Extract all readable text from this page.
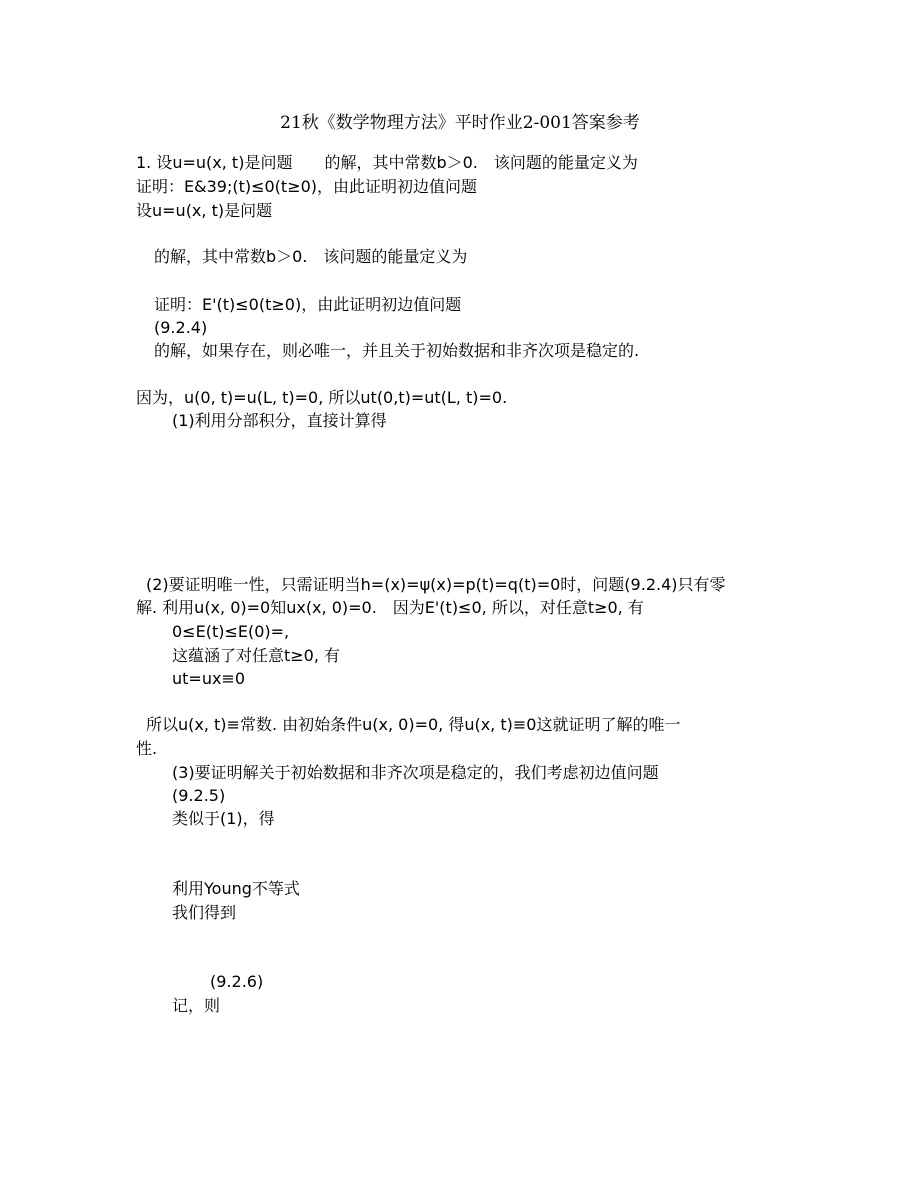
21秋《数学物理方法》平时作业2-001答案参考
1. 设u=u(x, t)是问题　　的解，其中常数b＞0.　该问题的能量定义为
证明：E&39;(t)≤0(t≥0)，由此证明初边值问题
设u=u(x, t)是问题
的解，其中常数b＞0.　该问题的能量定义为
证明：E'(t)≤0(t≥0)，由此证明初边值问题
(9.2.4)
的解，如果存在，则必唯一，并且关于初始数据和非齐次项是稳定的.
因为，u(0, t)=u(L, t)=0, 所以ut(0,t)=ut(L, t)=0.
(1)利用分部积分，直接计算得
(2)要证明唯一性，只需证明当h=(x)=ψ(x)=p(t)=q(t)=0时，问题(9.2.4)只有零
解. 利用u(x, 0)=0知ux(x, 0)=0.　因为E'(t)≤0, 所以，对任意t≥0, 有
0≤E(t)≤E(0)=,
这蕴涵了对任意t≥0, 有
ut=ux≡0
所以u(x, t)≡常数. 由初始条件u(x, 0)=0, 得u(x, t)≡0这就证明了解的唯一
性.
(3)要证明解关于初始数据和非齐次项是稳定的，我们考虑初边值问题
(9.2.5)
类似于(1)，得
利用Young不等式
我们得到
(9.2.6)
记，则
